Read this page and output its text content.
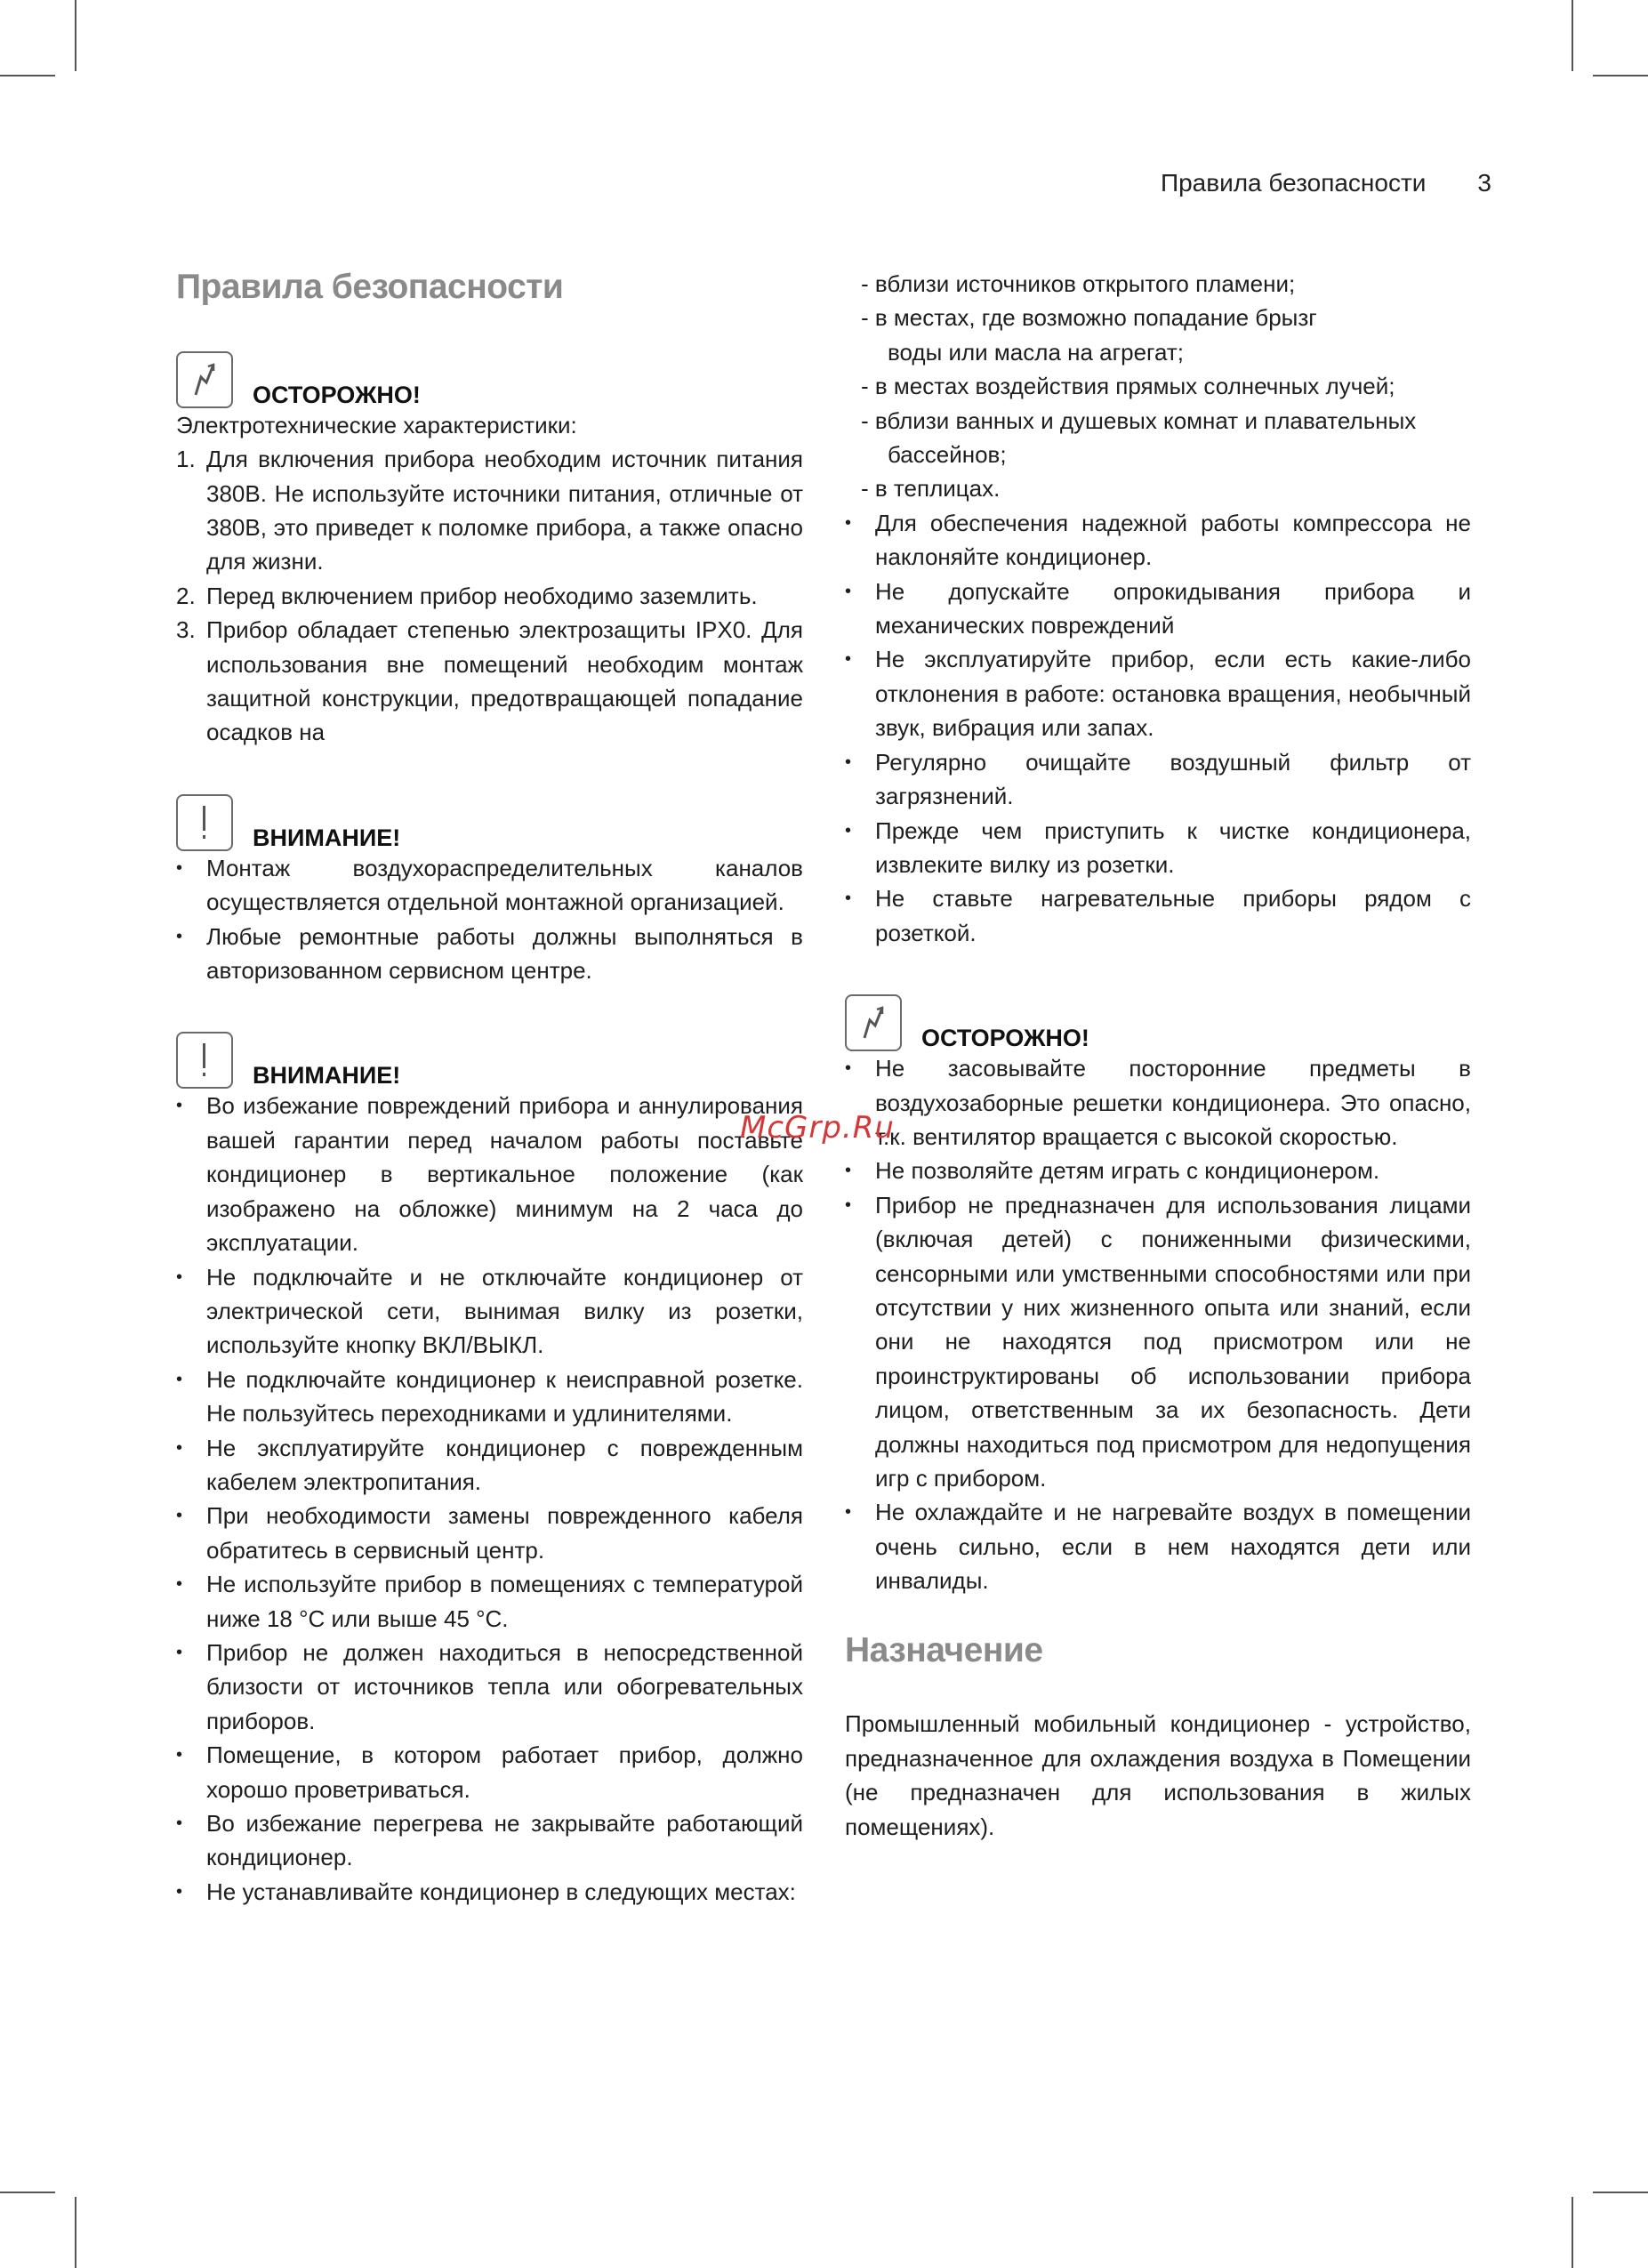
Правила безопасности 3
Правила безопасности
ОСТОРОЖНО!

Электротехнические характеристики:

1. Для включения прибора необходим источник питания 380В. Не используйте источники питания, отличные от 380В, это приведет к поломке прибора, а также опасно для жизни.
2. Перед включением прибор необходимо заземлить.
3. Прибор обладает степенью электрозащиты IPX0. Для использования вне помещений необходим монтаж защитной конструкции, предотвращающей попадание осадков на
ВНИМАНИЕ!
• Монтаж воздухораспределительных каналов осуществляется отдельной монтажной организацией.
• Любые ремонтные работы должны выполняться в авторизованном сервисном центре.
ВНИМАНИЕ!
• Во избежание повреждений прибора и аннулирования вашей гарантии перед началом работы поставьте кондиционер в вертикальное положение (как изображено на обложке) минимум на 2 часа до эксплуатации.
• Не подключайте и не отключайте кондиционер от электрической сети, вынимая вилку из розетки, используйте кнопку ВКЛ/ВЫКЛ.
• Не подключайте кондиционер к неисправной розетке. Не пользуйтесь переходниками и удлинителями.
• Не эксплуатируйте кондиционер с поврежденным кабелем электропитания.
• При необходимости замены поврежденного кабеля обратитесь в сервисный центр.
• Не используйте прибор в помещениях с температурой ниже 18 °C или выше 45 °C.
• Прибор не должен находиться в непосредственной близости от источников тепла или обогревательных приборов.
• Помещение, в котором работает прибор, должно хорошо проветриваться.
• Во избежание перегрева не закрывайте работающий кондиционер.
• Не устанавливайте кондиционер в следующих местах:

- вблизи источников открытого пламени;

- в местах, где возможно попадание брызг

воды или масла на агрегат;

- в местах воздействия прямых солнечных лучей;

- вблизи ванных и душевых комнат и плавательных

бассейнов;

- в теплицах.

• Для обеспечения надежной работы компрессора не наклоняйте кондиционер.
• Не допускайте опрокидывания прибора и механических повреждений
• Не эксплуатируйте прибор, если есть какие-либо отклонения в работе: остановка вращения, необычный звук, вибрация или запах.
• Регулярно очищайте воздушный фильтр от загрязнений.
• Прежде чем приступить к чистке кондиционера, извлеките вилку из розетки.
• Не ставьте нагревательные приборы рядом с розеткой.
ОСТОРОЖНО!
• Не засовывайте посторонние предметы в воздухозаборные решетки кондиционера. Это опасно, т.к. вентилятор вращается с высокой скоростью.
• Не позволяйте детям играть с кондиционером.
• Прибор не предназначен для использования лицами (включая детей) с пониженными физическими, сенсорными или умственными способностями или при отсутствии у них жизненного опыта или знаний, если они не находятся под присмотром или не проинструктированы об использовании прибора лицом, ответственным за их безопасность. Дети должны находиться под присмотром для недопущения игр с прибором.
• Не охлаждайте и не нагревайте воздух в помещении очень сильно, если в нем находятся дети или инвалиды.
Назначение

Промышленный мобильный кондиционер - устройство, предназначенное для охлаждения воздуха в Помещении (не предназначен для использования в жилых помещениях).

McGrp.Ru
